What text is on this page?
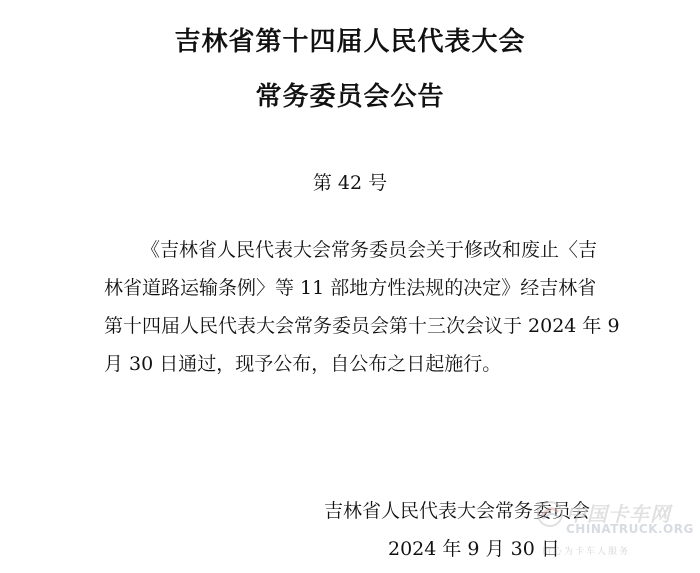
吉林省第十四届人民代表大会
常务委员会公告
第 42 号
《吉林省人民代表大会常务委员会关于修改和废止〈吉
林省道路运输条例〉等 11 部地方性法规的决定》经吉林省
第十四届人民代表大会常务委员会第十三次会议于 2024 年 9
月 30 日通过，现予公布，自公布之日起施行。
吉林省人民代表大会常务委员会
2024 年 9 月 30 日
中国卡车网
CHINATRUCK.ORG
用心为卡车人服务
